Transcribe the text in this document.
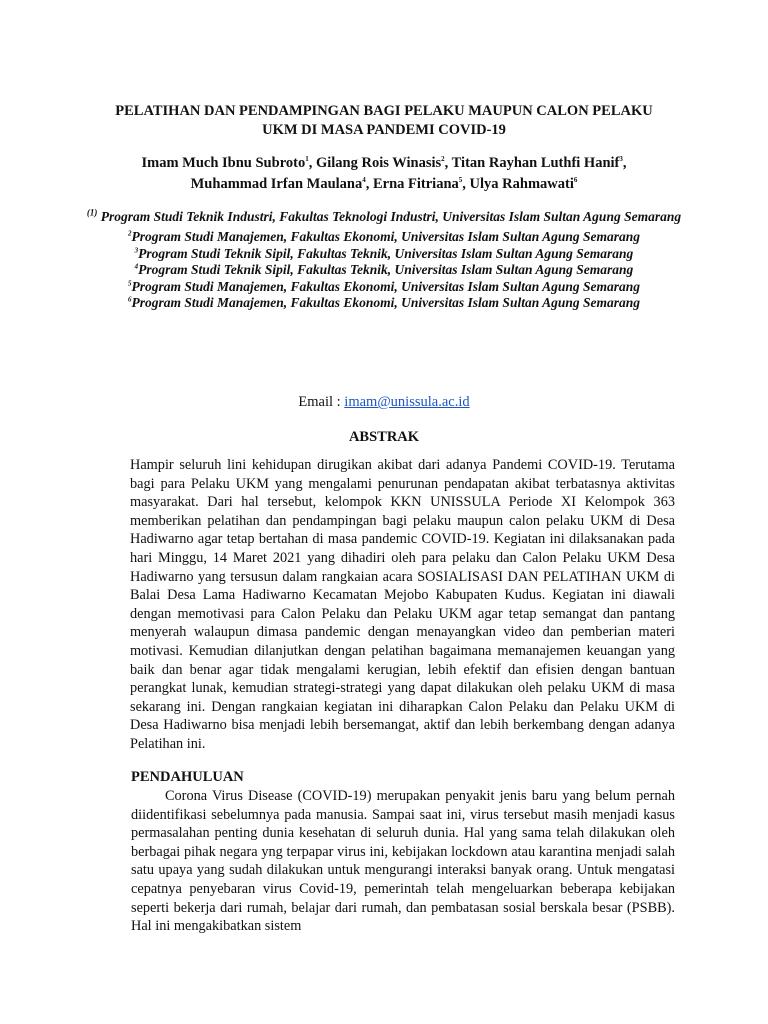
PELATIHAN DAN PENDAMPINGAN BAGI PELAKU MAUPUN CALON PELAKU
UKM DI MASA PANDEMI COVID-19
Imam Much Ibnu Subroto$^1$, Gilang Rois Winasis$^2$, Titan Rayhan Luthfi Hanif$^3$,
Muhammad Irfan Maulana$^4$, Erna Fitriana$^5$, Ulya Rahmawati$^6$

$^{(1)}$ Program Studi Teknik Industri, Fakultas Teknologi Industri, Universitas Islam Sultan Agung Semarang

$^2$Program Studi Manajemen, Fakultas Ekonomi, Universitas Islam Sultan Agung Semarang

$^3$Program Studi Teknik Sipil, Fakultas Teknik, Universitas Islam Sultan Agung Semarang

$^4$Program Studi Teknik Sipil, Fakultas Teknik, Universitas Islam Sultan Agung Semarang

$^5$Program Studi Manajemen, Fakultas Ekonomi, Universitas Islam Sultan Agung Semarang

$^6$Program Studi Manajemen, Fakultas Ekonomi, Universitas Islam Sultan Agung Semarang

Email : imam@unissula.ac.id
ABSTRAK

Hampir seluruh lini kehidupan dirugikan akibat dari adanya Pandemi COVID-19. Terutama bagi para Pelaku UKM yang mengalami penurunan pendapatan akibat terbatasnya aktivitas masyarakat. Dari hal tersebut, kelompok KKN UNISSULA Periode XI Kelompok 363 memberikan pelatihan dan pendampingan bagi pelaku maupun calon pelaku UKM di Desa Hadiwarno agar tetap bertahan di masa pandemic COVID-19. Kegiatan ini dilaksanakan pada hari Minggu, 14 Maret 2021 yang dihadiri oleh para pelaku dan Calon Pelaku UKM Desa Hadiwarno yang tersusun dalam rangkaian acara SOSIALISASI DAN PELATIHAN UKM di Balai Desa Lama Hadiwarno Kecamatan Mejobo Kabupaten Kudus. Kegiatan ini diawali dengan memotivasi para Calon Pelaku dan Pelaku UKM agar tetap semangat dan pantang menyerah walaupun dimasa pandemic dengan menayangkan video dan pemberian materi motivasi. Kemudian dilanjutkan dengan pelatihan bagaimana memanajemen keuangan yang baik dan benar agar tidak mengalami kerugian, lebih efektif dan efisien dengan bantuan perangkat lunak, kemudian strategi-strategi yang dapat dilakukan oleh pelaku UKM di masa sekarang ini. Dengan rangkaian kegiatan ini diharapkan Calon Pelaku dan Pelaku UKM di Desa Hadiwarno bisa menjadi lebih bersemangat, aktif dan lebih berkembang dengan adanya Pelatihan ini.

PENDAHULUAN

Corona Virus Disease (COVID-19) merupakan penyakit jenis baru yang belum pernah diidentifikasi sebelumnya pada manusia. Sampai saat ini, virus tersebut masih menjadi kasus permasalahan penting dunia kesehatan di seluruh dunia. Hal yang sama telah dilakukan oleh berbagai pihak negara yng terpapar virus ini, kebijakan lockdown atau karantina menjadi salah satu upaya yang sudah dilakukan untuk mengurangi interaksi banyak orang. Untuk mengatasi cepatnya penyebaran virus Covid-19, pemerintah telah mengeluarkan beberapa kebijakan seperti bekerja dari rumah, belajar dari rumah, dan pembatasan sosial berskala besar (PSBB). Hal ini mengakibatkan sistem
